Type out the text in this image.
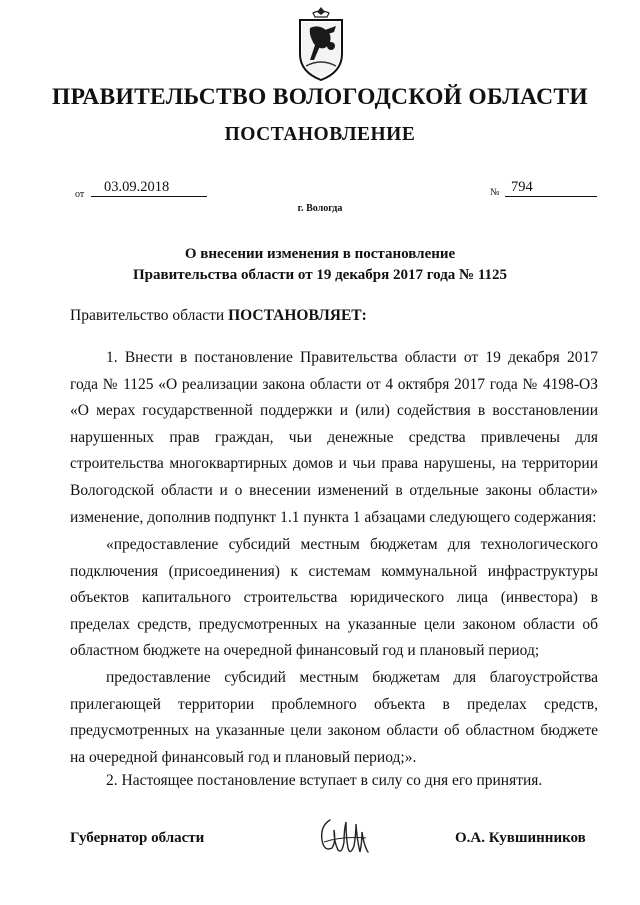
ПРАВИТЕЛЬСТВО ВОЛОГОДСКОЙ ОБЛАСТИ
ПОСТАНОВЛЕНИЕ
от 03.09.2018	№ 794
г. Вологда
О внесении изменения в постановление
Правительства области от 19 декабря 2017 года № 1125
Правительство области ПОСТАНОВЛЯЕТ:
1. Внести в постановление Правительства области от 19 декабря 2017 года № 1125 «О реализации закона области от 4 октября 2017 года № 4198-ОЗ «О мерах государственной поддержки и (или) содействия в восстановлении нарушенных прав граждан, чьи денежные средства привлечены для строительства многоквартирных домов и чьи права нарушены, на территории Вологодской области и о внесении изменений в отдельные законы области» изменение, дополнив подпункт 1.1 пункта 1 абзацами следующего содержания:
«предоставление субсидий местным бюджетам для технологического подключения (присоединения) к системам коммунальной инфраструктуры объектов капитального строительства юридического лица (инвестора) в пределах средств, предусмотренных на указанные цели законом области об областном бюджете на очередной финансовый год и плановый период;
предоставление субсидий местным бюджетам для благоустройства прилегающей территории проблемного объекта в пределах средств, предусмотренных на указанные цели законом области об областном бюджете на очередной финансовый год и плановый период;».
2. Настоящее постановление вступает в силу со дня его принятия.
Губернатор области	О.А. Кувшинников
